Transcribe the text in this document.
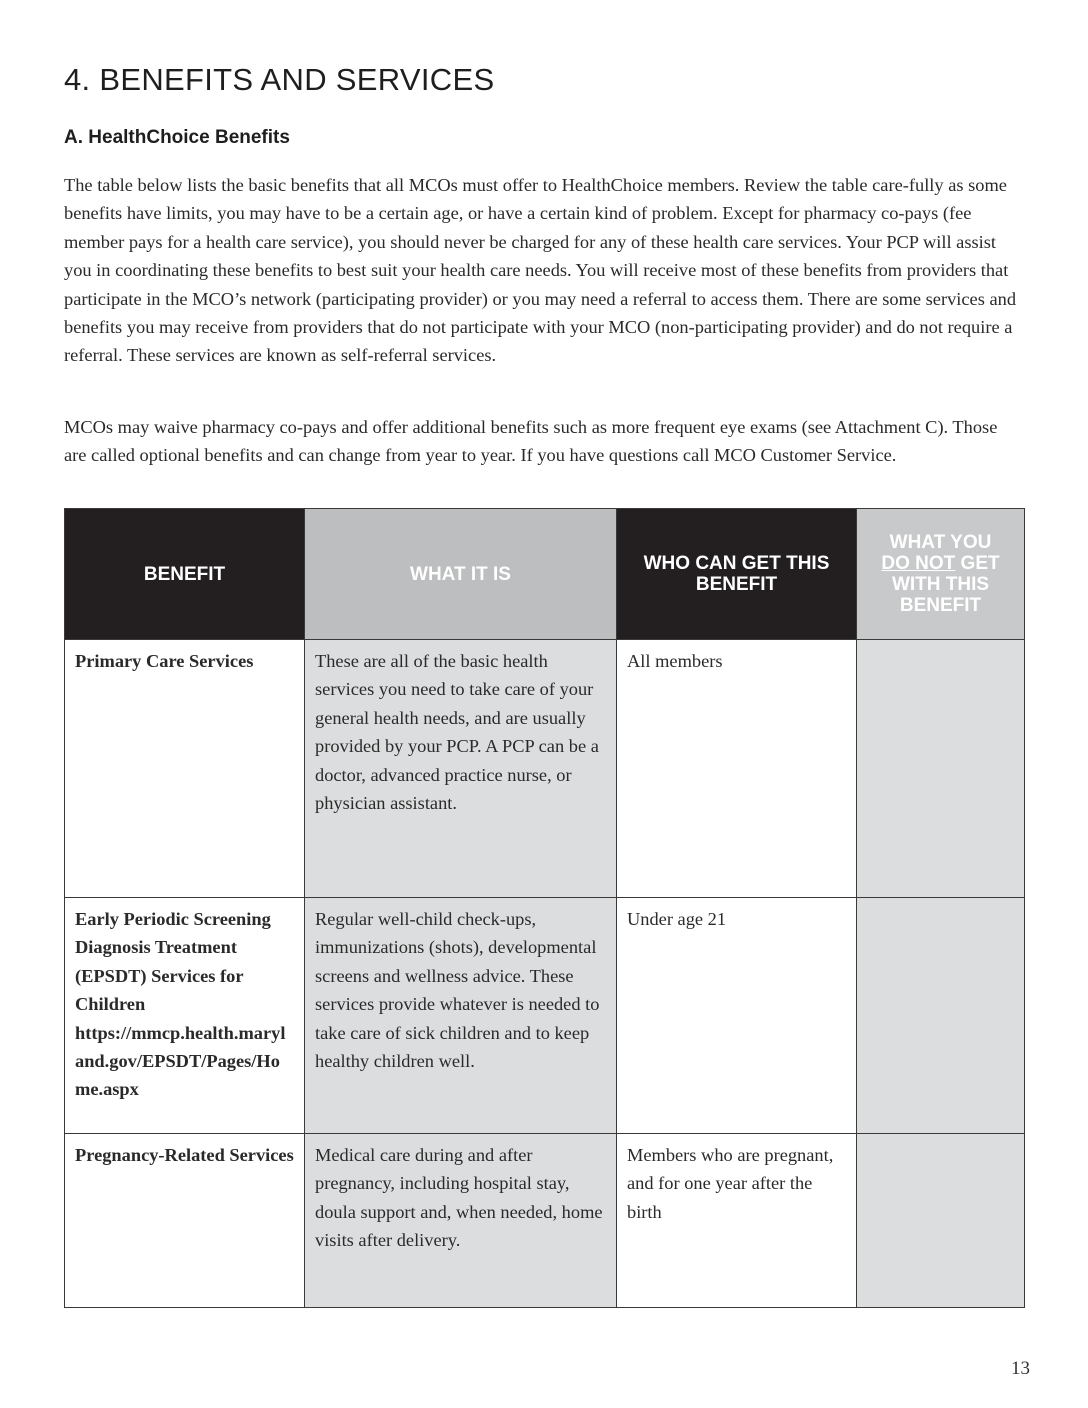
4. BENEFITS AND SERVICES
A. HealthChoice Benefits

The table below lists the basic benefits that all MCOs must offer to HealthChoice members. Review the table care-fully as some benefits have limits, you may have to be a certain age, or have a certain kind of problem. Except for pharmacy co-pays (fee member pays for a health care service), you should never be charged for any of these health care services. Your PCP will assist you in coordinating these benefits to best suit your health care needs. You will receive most of these benefits from providers that participate in the MCO’s network (participating provider) or you may need a referral to access them. There are some services and benefits you may receive from providers that do not participate with your MCO (non-participating provider) and do not require a referral. These services are known as self-referral services.

MCOs may waive pharmacy co-pays and offer additional benefits such as more frequent eye exams (see Attachment C). Those are called optional benefits and can change from year to year. If you have questions call MCO Customer Service.

BENEFIT	WHAT IT IS	WHO CAN GET THIS BENEFIT	WHAT YOU
DO NOT GET WITH THIS BENEFIT
Primary Care Services	These are all of the basic health services you need to take care of your general health needs, and are usually provided by your PCP. A PCP can be a doctor, advanced practice nurse, or physician assistant.	All members	
Early Periodic Screening Diagnosis Treatment (EPSDT) Services for Children https://mmcp.health.maryland.gov/EPSDT/Pages/Home.aspx	Regular well-child check-ups, immunizations (shots), developmental screens and wellness advice. These services provide whatever is needed to take care of sick children and to keep healthy children well.	Under age 21	
Pregnancy-Related Services	Medical care during and after pregnancy, including hospital stay, doula support and, when needed, home visits after delivery.	Members who are pregnant, and for one year after the birth	
13
